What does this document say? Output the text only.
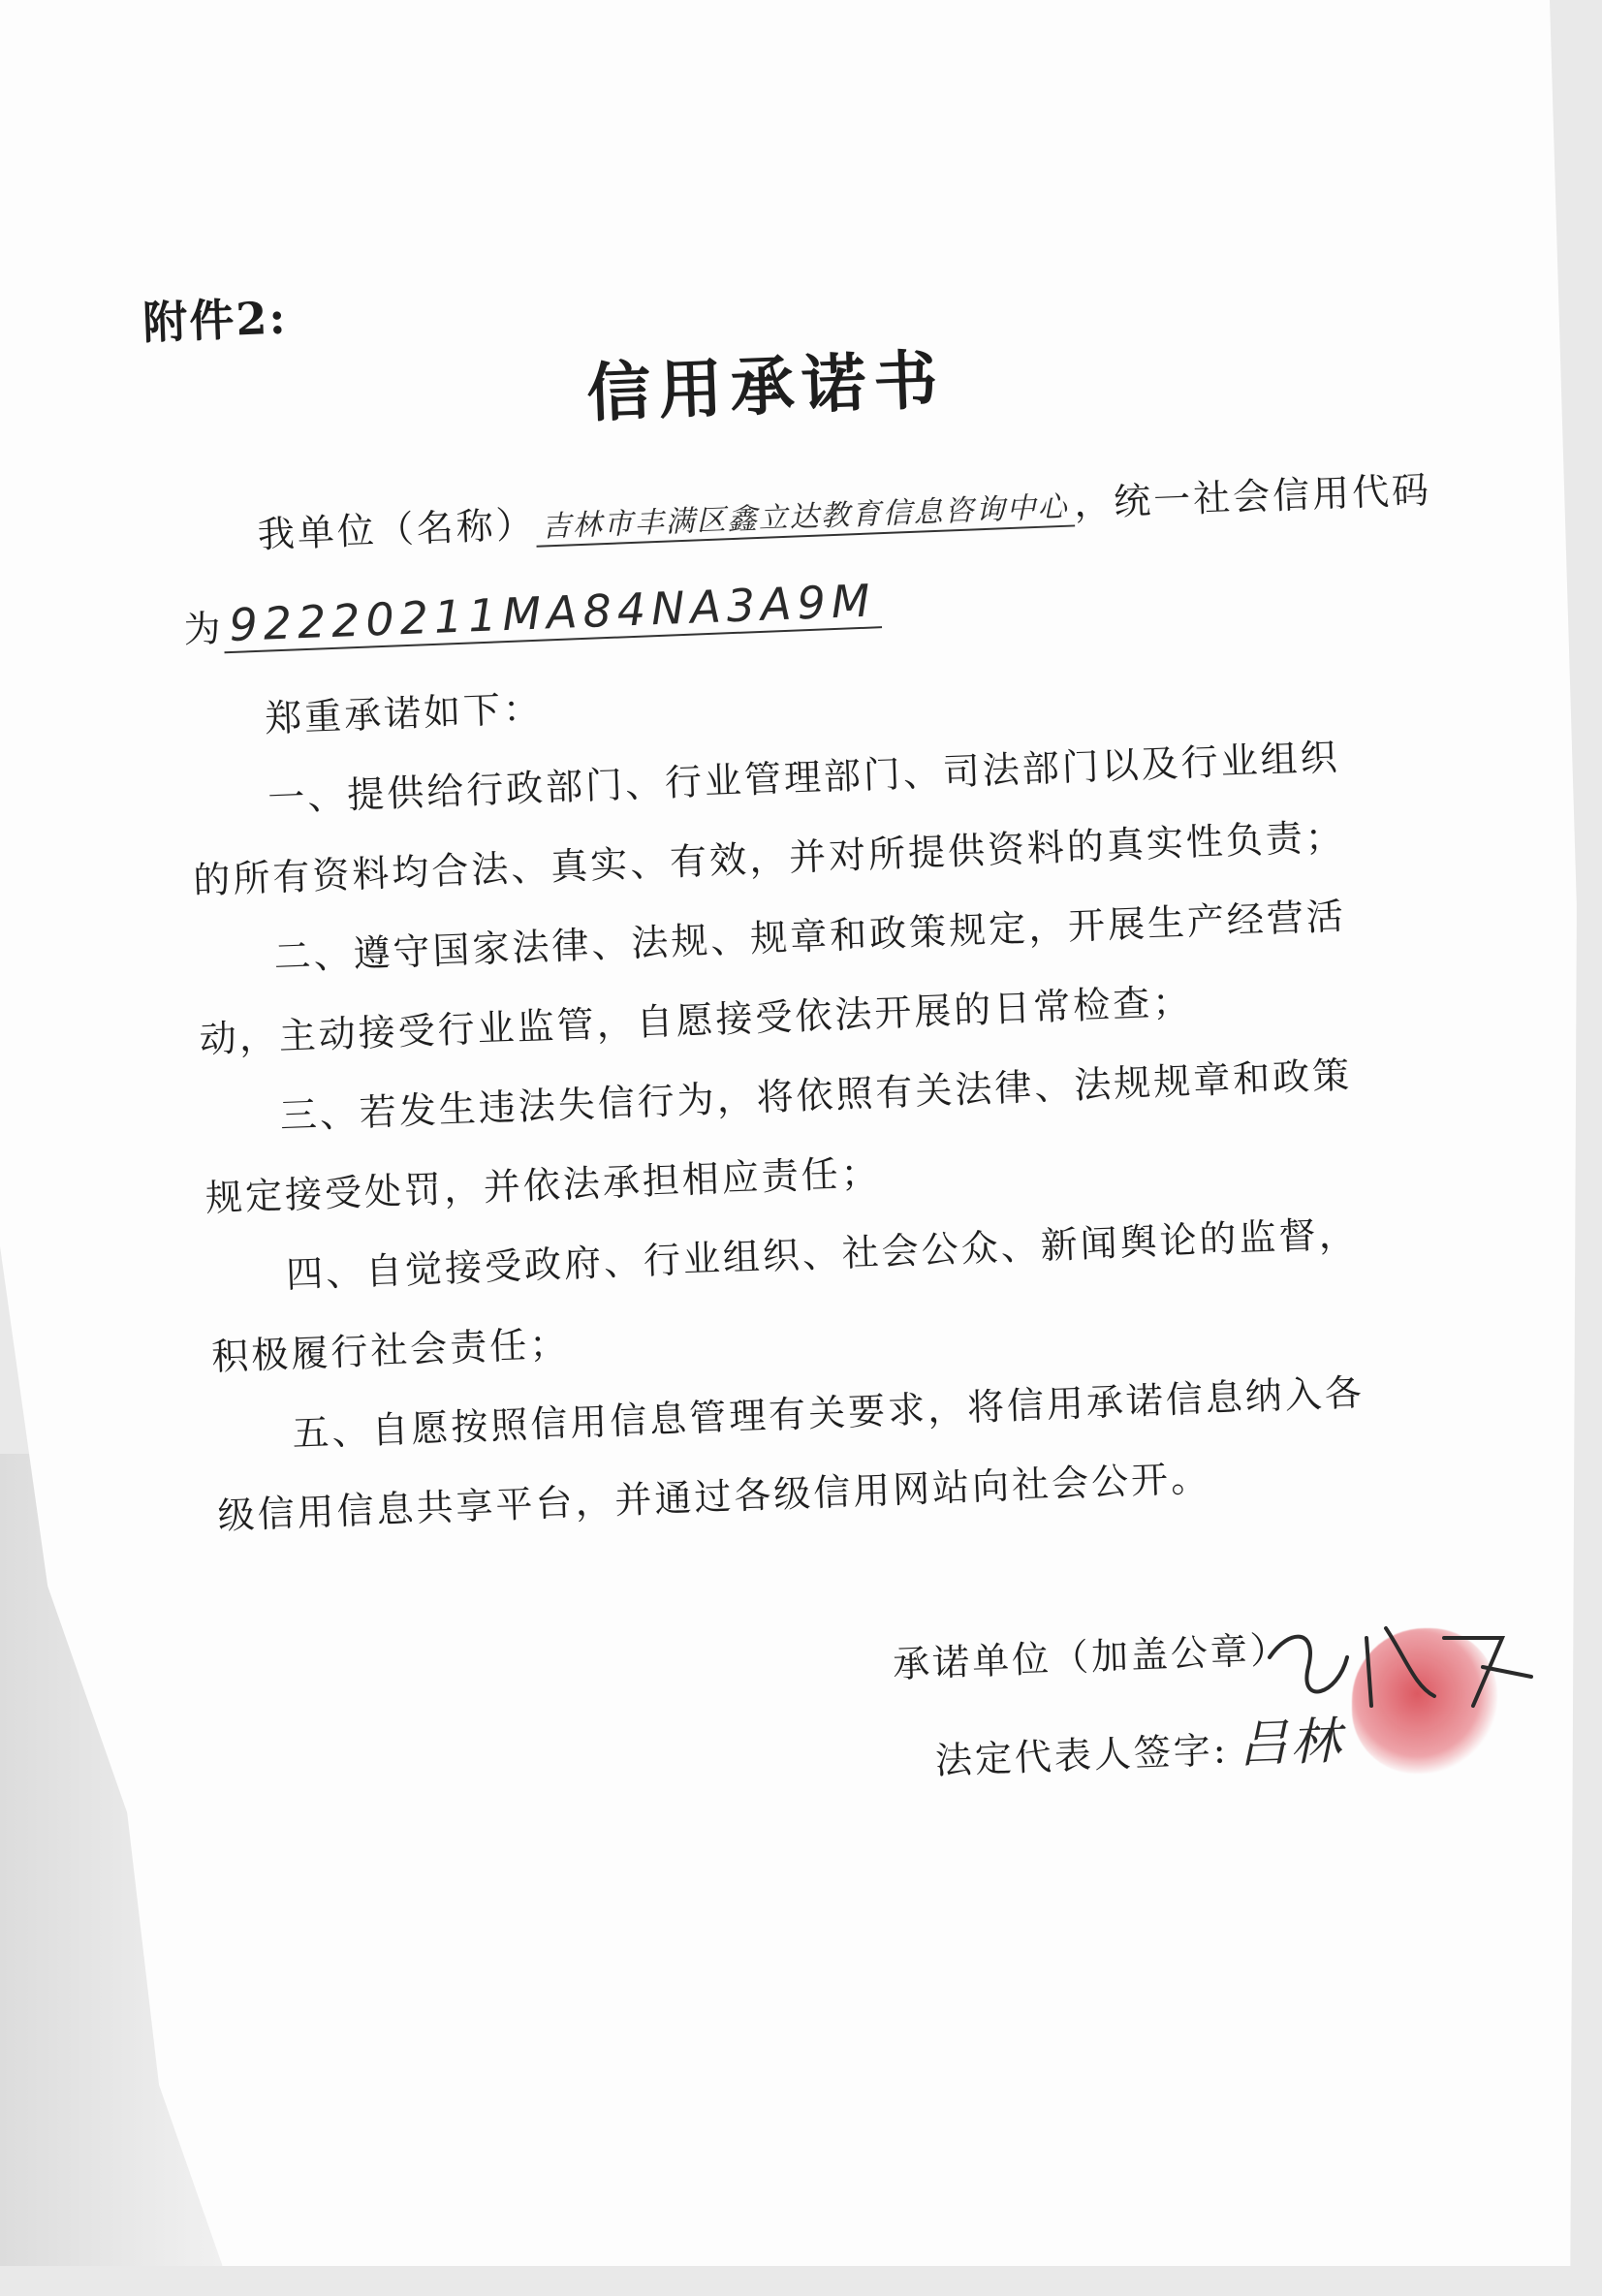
附件2:
信用承诺书
我单位（名称） 吉林市丰满区鑫立达教育信息咨询中心 ，统一社会信用代码
为92220211MA84NA3A9M
郑重承诺如下：
一、提供给行政部门、行业管理部门、司法部门以及行业组织
的所有资料均合法、真实、有效，并对所提供资料的真实性负责；
二、遵守国家法律、法规、规章和政策规定，开展生产经营活
动，主动接受行业监管，自愿接受依法开展的日常检查；
三、若发生违法失信行为，将依照有关法律、法规规章和政策
规定接受处罚，并依法承担相应责任；
四、自觉接受政府、行业组织、社会公众、新闻舆论的监督，
积极履行社会责任；
五、自愿按照信用信息管理有关要求，将信用承诺信息纳入各
级信用信息共享平台，并通过各级信用网站向社会公开。
承诺单位（加盖公章）
法定代表人签字: 吕林
